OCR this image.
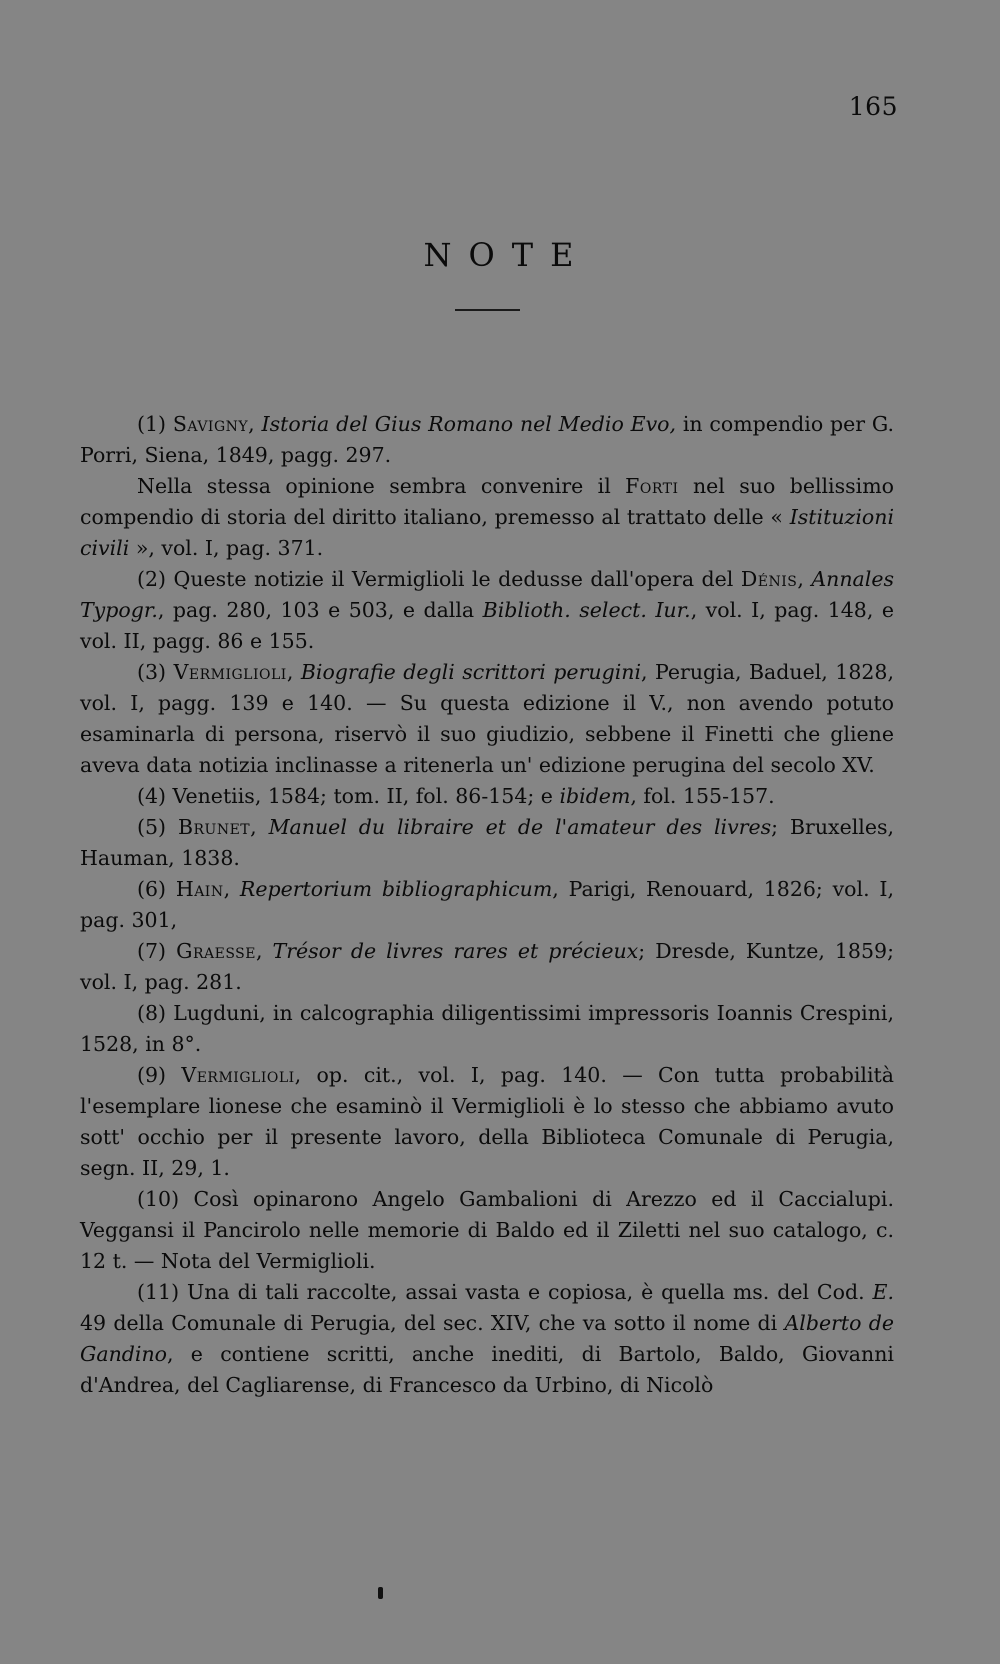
165
NOTE

(1) Savigny, Istoria del Gius Romano nel Medio Evo, in compendio per G. Porri, Siena, 1849, pagg. 297.

Nella stessa opinione sembra convenire il Forti nel suo bellissimo compendio di storia del diritto italiano, premesso al trattato delle « Istituzioni civili », vol. I, pag. 371.

(2) Queste notizie il Vermiglioli le dedusse dall'opera del Dénis, Annales Typogr., pag. 280, 103 e 503, e dalla Biblioth. select. Iur., vol. I, pag. 148, e vol. II, pagg. 86 e 155.

(3) Vermiglioli, Biografie degli scrittori perugini, Perugia, Baduel, 1828, vol. I, pagg. 139 e 140. — Su questa edizione il V., non avendo potuto esaminarla di persona, riservò il suo giudizio, sebbene il Finetti che gliene aveva data notizia inclinasse a ritenerla un' edizione perugina del secolo XV.

(4) Venetiis, 1584; tom. II, fol. 86-154; e ibidem, fol. 155-157.

(5) Brunet, Manuel du libraire et de l'amateur des livres; Bruxelles, Hauman, 1838.

(6) Hain, Repertorium bibliographicum, Parigi, Renouard, 1826; vol. I, pag. 301,

(7) Graesse, Trésor de livres rares et précieux; Dresde, Kuntze, 1859; vol. I, pag. 281.

(8) Lugduni, in calcographia diligentissimi impressoris Ioannis Crespini, 1528, in 8°.

(9) Vermiglioli, op. cit., vol. I, pag. 140. — Con tutta probabilità l'esemplare lionese che esaminò il Vermiglioli è lo stesso che abbiamo avuto sott' occhio per il presente lavoro, della Biblioteca Comunale di Perugia, segn. II, 29, 1.

(10) Così opinarono Angelo Gambalioni di Arezzo ed il Caccialupi. Veggansi il Pancirolo nelle memorie di Baldo ed il Ziletti nel suo catalogo, c. 12 t. — Nota del Vermiglioli.

(11) Una di tali raccolte, assai vasta e copiosa, è quella ms. del Cod. E. 49 della Comunale di Perugia, del sec. XIV, che va sotto il nome di Alberto de Gandino, e contiene scritti, anche inediti, di Bartolo, Baldo, Giovanni d'Andrea, del Cagliarense, di Francesco da Urbino, di Nicolò
